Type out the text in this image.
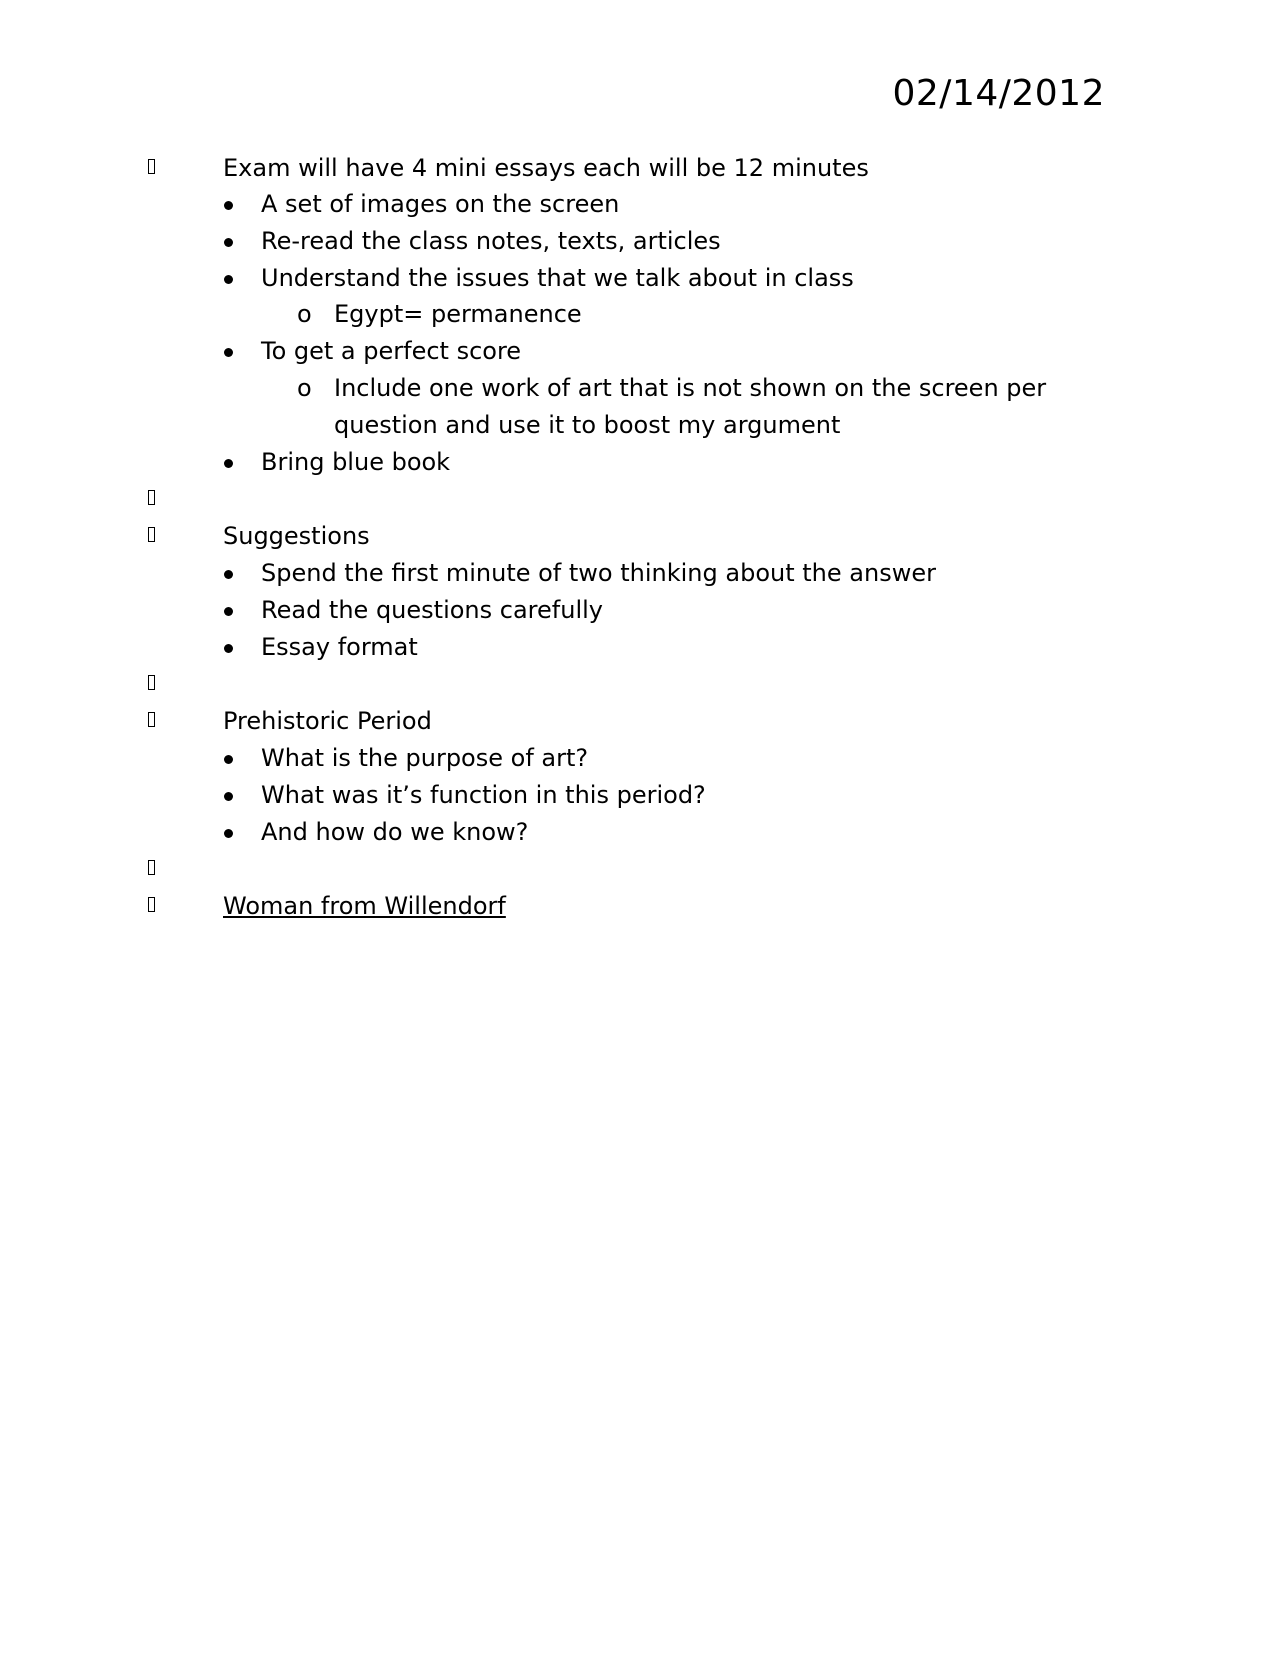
02/14/2012
Exam will have 4 mini essays each will be 12 minutes
A set of images on the screen
Re-read the class notes, texts, articles
Understand the issues that we talk about in class
o Egypt= permanence
To get a perfect score
o Include one work of art that is not shown on the screen per
question and use it to boost my argument
Bring blue book
Suggestions
Spend the first minute of two thinking about the answer
Read the questions carefully
Essay format
Prehistoric Period
What is the purpose of art?
What was it’s function in this period?
And how do we know?
Woman from Willendorf
